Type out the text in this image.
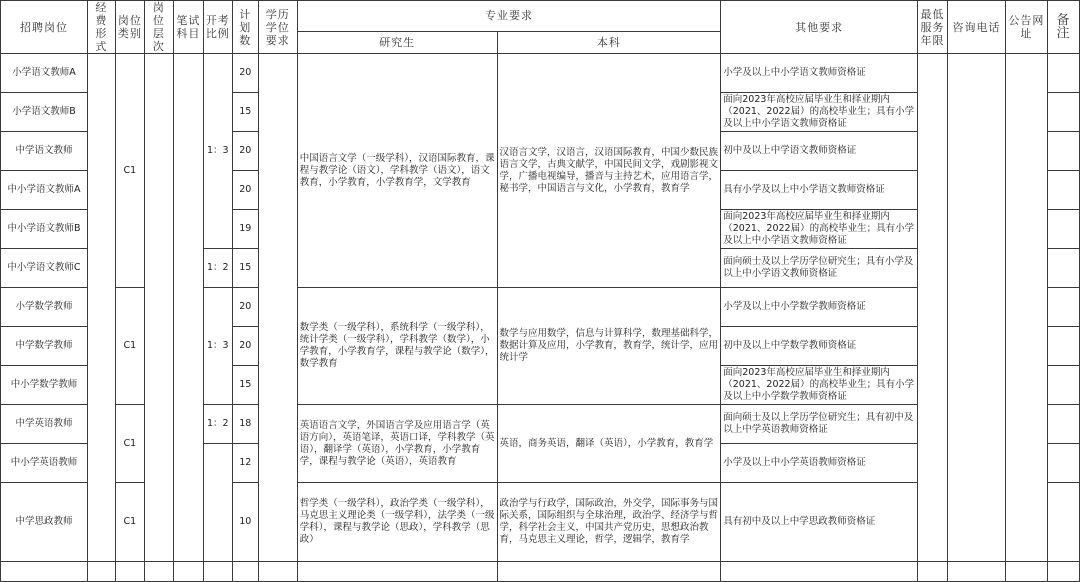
招聘岗位	经费形式	岗位类别	岗位层次	笔试科目	开考比例	计划数	学历学位要求	专业要求		其他要求	最低服务年限	咨询电话	公告网址	备注
								研究生	本科					
小学语文教师A		C1			1：3	20		中国语言文学（一级学科），汉语国际教育，课程与教学论（语文），学科教学（语文），语文教育，小学教育，小学教育学，文学教育	汉语言文学，汉语言，汉语国际教育，中国少数民族语言文学，古典文献学，中国民间文学，戏剧影视文学，广播电视编导，播音与主持艺术，应用语言学，秘书学，中国语言与文化，小学教育，教育学	小学及以上中小学语文教师资格证				
小学语文教师B						15				面向2023年高校应届毕业生和择业期内（2021、2022届）的高校毕业生；具有小学及以上中小学语文教师资格证				
中学语文教师						20				初中及以上中学语文教师资格证				
中小学语文教师A						20				具有小学及以上中小学语文教师资格证				
中小学语文教师B						19				面向2023年高校应届毕业生和择业期内（2021、2022届）的高校毕业生；具有小学及以上中小学语文教师资格证				
中小学语文教师C					1：2	15				面向硕士及以上学历学位研究生；具有小学及以上中小学语文教师资格证				
小学数学教师		C1			1：3	20		数学类（一级学科），系统科学（一级学科），统计学类（一级学科），学科教学（数学），小学教育，小学教育学，课程与教学论（数学），数学教育	数学与应用数学，信息与计算科学，数理基础科学，数据计算及应用，小学教育，教育学，统计学，应用统计学	小学及以上中小学数学教师资格证				
中学数学教师						20				初中及以上中学数学教师资格证				
中小学数学教师						15				面向2023年高校应届毕业生和择业期内（2021、2022届）的高校毕业生；具有小学及以上中小学数学教师资格证				
中学英语教师		C1			1：2	18		英语语言文学，外国语言学及应用语言学（英语方向），英语笔译，英语口译，学科教学（英语），翻译学（英语），小学教育，小学教育学，课程与教学论（英语），英语教育	英语，商务英语，翻译（英语），小学教育，教育学	面向硕士及以上学历学位研究生；具有初中及以上中学英语教师资格证				
中小学英语教师						12				小学及以上中小学英语教师资格证				
中学思政教师		C1				10		哲学类（一级学科），政治学类（一级学科），马克思主义理论类（一级学科），法学类（一级学科），课程与教学论（思政），学科教学（思政）	政治学与行政学，国际政治，外交学，国际事务与国际关系，国际组织与全球治理，政治学、经济学与哲学，科学社会主义，中国共产党历史，思想政治教育，马克思主义理论，哲学，逻辑学，教育学	具有初中及以上中学思政教师资格证				
